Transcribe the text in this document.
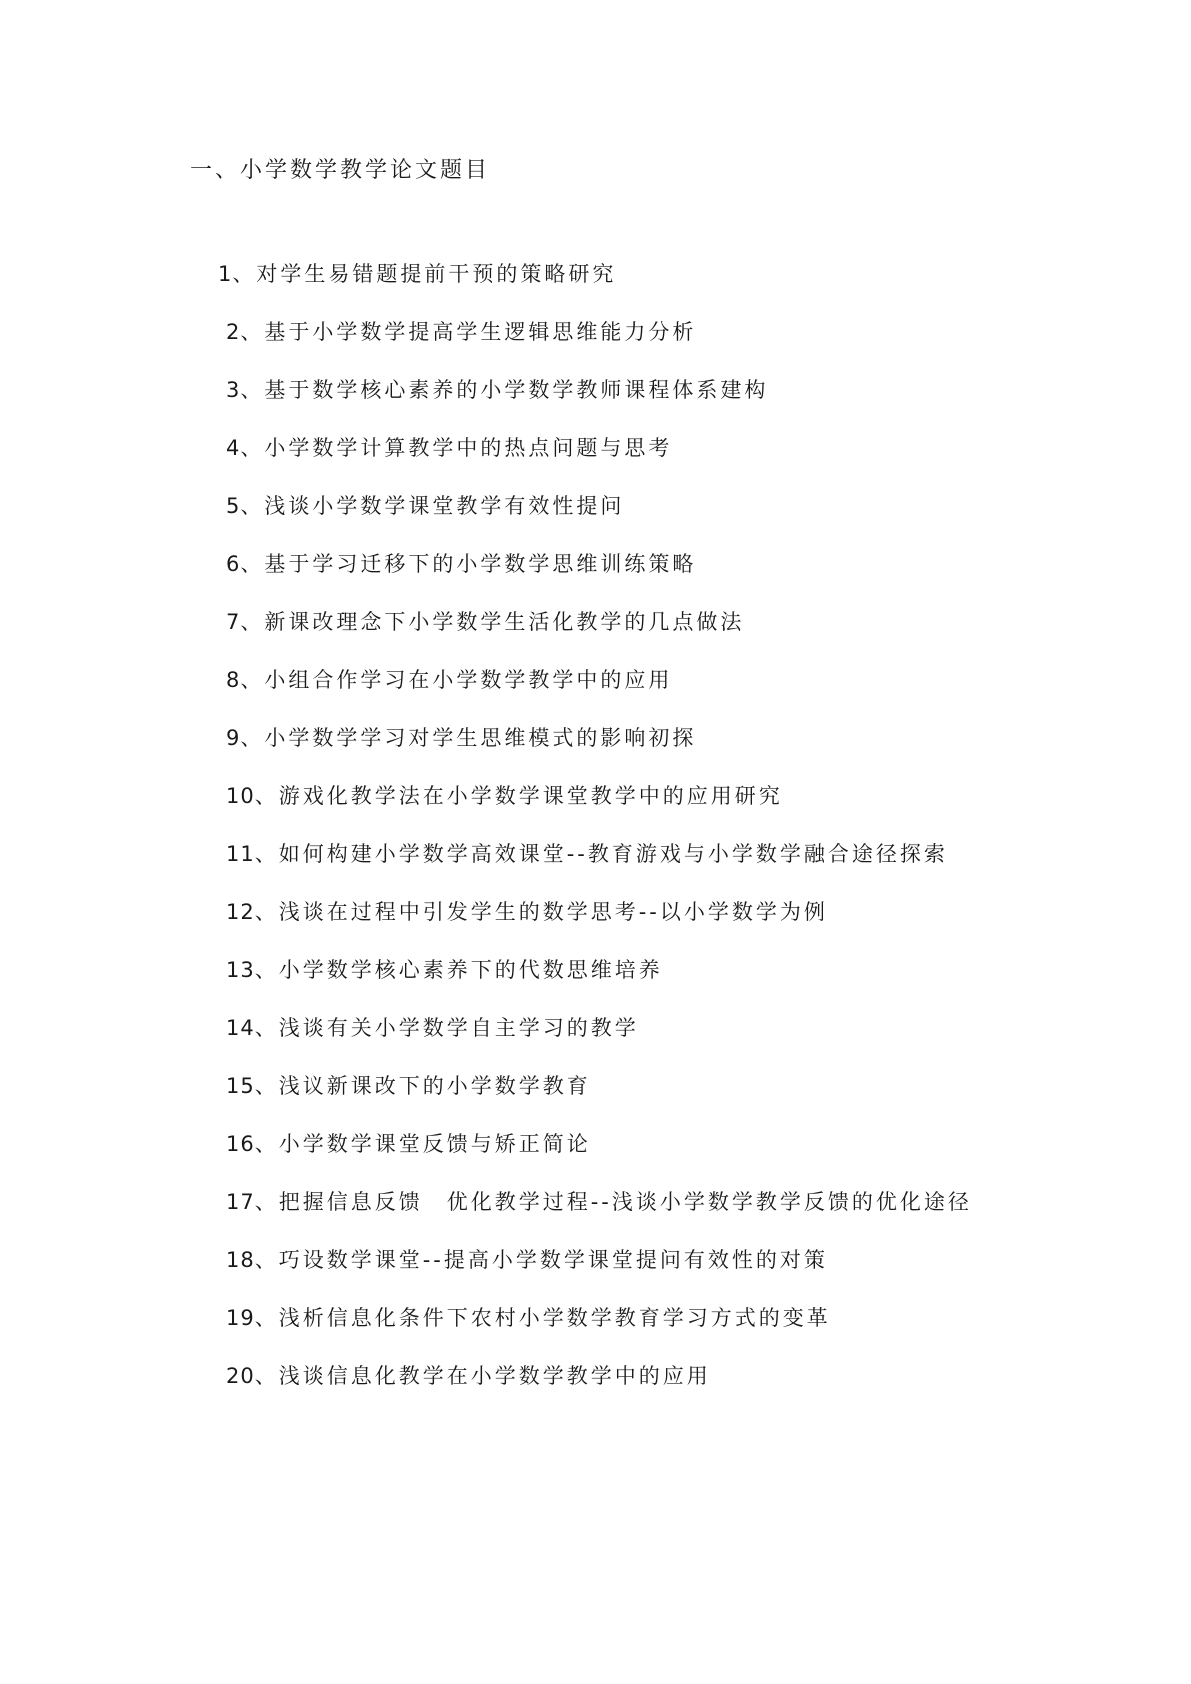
一、小学数学教学论文题目
1、对学生易错题提前干预的策略研究
2、基于小学数学提高学生逻辑思维能力分析
3、基于数学核心素养的小学数学教师课程体系建构
4、小学数学计算教学中的热点问题与思考
5、浅谈小学数学课堂教学有效性提问
6、基于学习迁移下的小学数学思维训练策略
7、新课改理念下小学数学生活化教学的几点做法
8、小组合作学习在小学数学教学中的应用
9、小学数学学习对学生思维模式的影响初探
10、游戏化教学法在小学数学课堂教学中的应用研究
11、如何构建小学数学高效课堂--教育游戏与小学数学融合途径探索
12、浅谈在过程中引发学生的数学思考--以小学数学为例
13、小学数学核心素养下的代数思维培养
14、浅谈有关小学数学自主学习的教学
15、浅议新课改下的小学数学教育
16、小学数学课堂反馈与矫正简论
17、把握信息反馈　优化教学过程--浅谈小学数学教学反馈的优化途径
18、巧设数学课堂--提高小学数学课堂提问有效性的对策
19、浅析信息化条件下农村小学数学教育学习方式的变革
20、浅谈信息化教学在小学数学教学中的应用
